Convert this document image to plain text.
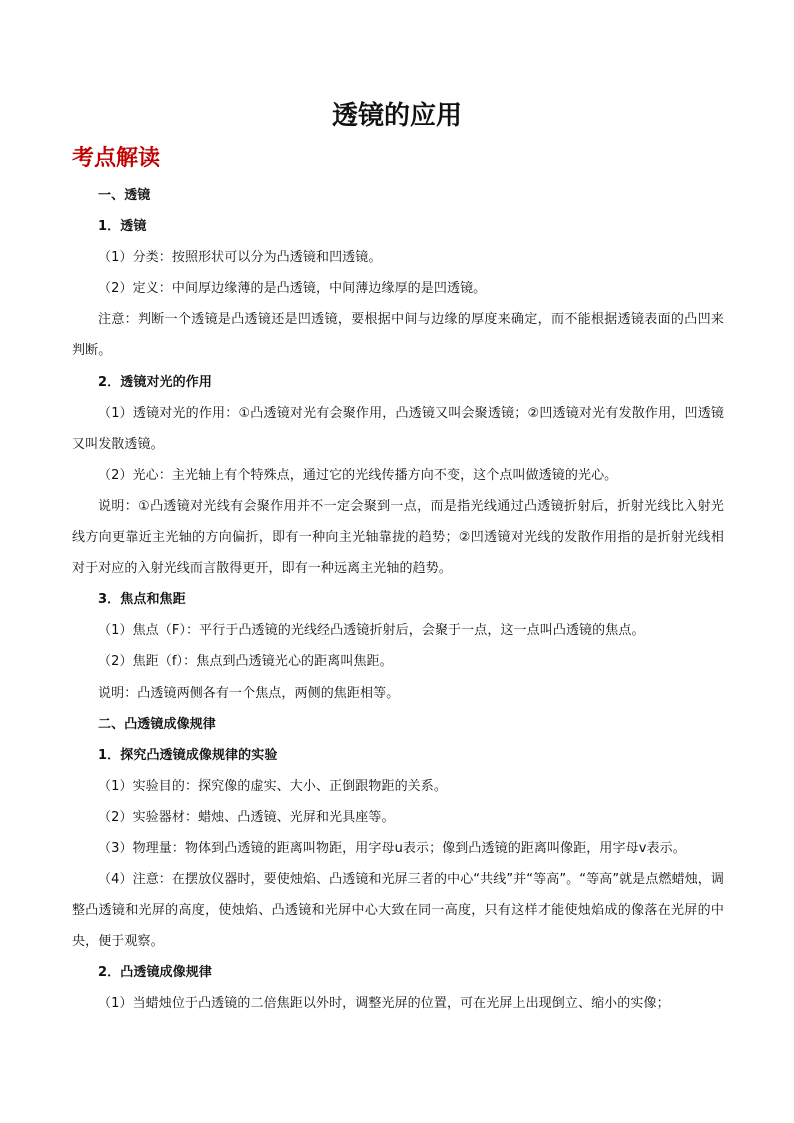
透镜的应用
考点解读

一、透镜

1．透镜

（1）分类：按照形状可以分为凸透镜和凹透镜。

（2）定义：中间厚边缘薄的是凸透镜，中间薄边缘厚的是凹透镜。

注意：判断一个透镜是凸透镜还是凹透镜，要根据中间与边缘的厚度来确定，而不能根据透镜表面的凸凹来判断。

2．透镜对光的作用

（1）透镜对光的作用：①凸透镜对光有会聚作用，凸透镜又叫会聚透镜；②凹透镜对光有发散作用，凹透镜又叫发散透镜。

（2）光心：主光轴上有个特殊点，通过它的光线传播方向不变，这个点叫做透镜的光心。

说明：①凸透镜对光线有会聚作用并不一定会聚到一点，而是指光线通过凸透镜折射后，折射光线比入射光线方向更靠近主光轴的方向偏折，即有一种向主光轴靠拢的趋势；②凹透镜对光线的发散作用指的是折射光线相对于对应的入射光线而言散得更开，即有一种远离主光轴的趋势。

3．焦点和焦距

（1）焦点（F）：平行于凸透镜的光线经凸透镜折射后，会聚于一点，这一点叫凸透镜的焦点。

（2）焦距（f）：焦点到凸透镜光心的距离叫焦距。

说明：凸透镜两侧各有一个焦点，两侧的焦距相等。

二、凸透镜成像规律

1．探究凸透镜成像规律的实验

（1）实验目的：探究像的虚实、大小、正倒跟物距的关系。

（2）实验器材：蜡烛、凸透镜、光屏和光具座等。

（3）物理量：物体到凸透镜的距离叫物距，用字母u表示；像到凸透镜的距离叫像距，用字母v表示。

（4）注意：在摆放仪器时，要使烛焰、凸透镜和光屏三者的中心“共线”并“等高”。“等高”就是点燃蜡烛，调整凸透镜和光屏的高度，使烛焰、凸透镜和光屏中心大致在同一高度，只有这样才能使烛焰成的像落在光屏的中央，便于观察。

2．凸透镜成像规律

（1）当蜡烛位于凸透镜的二倍焦距以外时，调整光屏的位置，可在光屏上出现倒立、缩小的实像；
